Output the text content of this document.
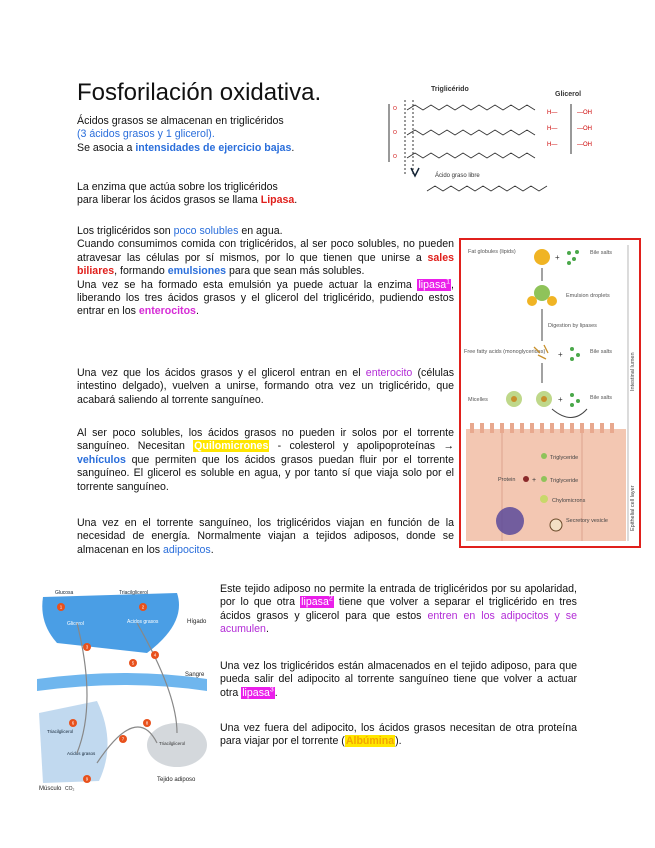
Fosforilación oxidativa.
Ácidos grasos se almacenan en triglicéridos
(3 ácidos grasos y 1 glicerol).
Se asocia a intensidades de ejercicio bajas.
La enzima que actúa sobre los triglicéridos
para liberar los ácidos grasos se llama Lipasa.

Los triglicéridos son poco solubles en agua.
Cuando consumimos comida con triglicéridos, al ser poco solubles, no pueden atravesar las células por sí mismos, por lo que tienen que unirse a sales biliares, formando emulsiones para que sean más solubles.
Una vez se ha formado esta emulsión ya puede actuar la enzima lipasa$^1$, liberando los tres ácidos grasos y el glicerol del triglicérido, pudiendo estos entrar en los enterocitos.

Una vez que los ácidos grasos y el glicerol entran en el enterocito (células intestino delgado), vuelven a unirse, formando otra vez un triglicérido, que acabará saliendo al torrente sanguíneo.

Al ser poco solubles, los ácidos grasos no pueden ir solos por el torrente sanguíneo. Necesitan Quilomicrones - colesterol y apolipoproteínas → vehículos que permiten que los ácidos grasos puedan fluir por el torrente sanguíneo. El glicerol es soluble en agua, y por tanto sí que viaja solo por el torrente sanguíneo.

Una vez en el torrente sanguíneo, los triglicéridos viajan en función de la necesidad de energía. Normalmente viajan a tejidos adiposos, donde se almacenan en los adipocitos.

Este tejido adiposo no permite la entrada de triglicéridos por su apolaridad, por lo que otra lipasa$^2$ tiene que volver a separar el triglicérido en tres ácidos grasos y glicerol para que estos entren en los adipocitos y se acumulen.

Una vez los triglicéridos están almacenados en el tejido adiposo, para que pueda salir del adipocito al torrente sanguíneo tiene que volver a actuar otra lipasa$^3$.

Una vez fuera del adipocito, los ácidos grasos necesitan de otra proteína para viajar por el torrente (Albúmina).

Triglicérido
Glicerol
O
O
O
H—
H—
H—
—OH
—OH
—OH
Ácido graso libre
Intestinal lumen
Epithelial cell layer
Fat globules (lipids)
+	Bile salts
Emulsion droplets
Digestion by lipases
Free fatty acids (monoglycerides) +	Bile salts
Micelles	+	Bile salts
Triglyceride
Protein +	Triglyceride
Chylomicrons
Secretory vesicle
Glucosa	Triacilglicerol
Glicerol	Acidos grasos	Hígado
Sangre
Músculo CO₂
Triacilglicerol
Acidos grasos
Triacilglicerol
Tejido adiposo
1	2
3
4
5
6
7
8
9
